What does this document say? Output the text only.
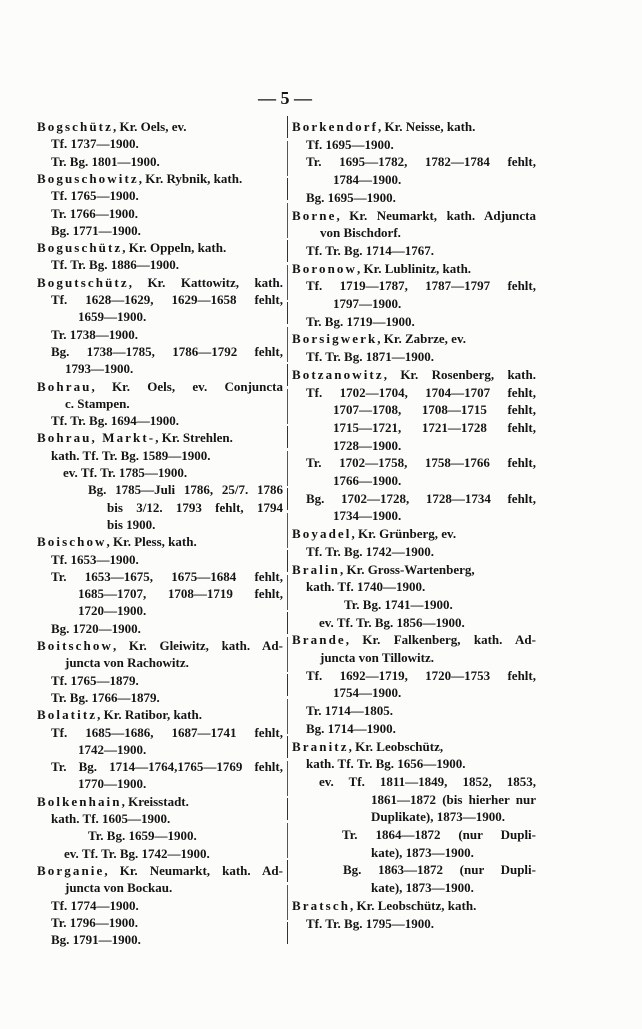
— 5 —
Bogschütz, Kr. Oels, ev.
Tf. 1737—1900.
Tr. Bg. 1801—1900.
Boguschowitz, Kr. Rybnik, kath.
Tf. 1765—1900.
Tr. 1766—1900.
Bg. 1771—1900.
Boguschütz, Kr. Oppeln, kath.
Tf. Tr. Bg. 1886—1900.
Bogutschütz, Kr. Kattowitz, kath.
Tf. 1628—1629, 1629—1658 fehlt,
1659—1900.
Tr. 1738—1900.
Bg. 1738—1785, 1786—1792 fehlt,
1793—1900.
Bohrau, Kr. Oels, ev. Conjuncta
c. Stampen.
Tf. Tr. Bg. 1694—1900.
Bohrau, Markt-, Kr. Strehlen.
kath. Tf. Tr. Bg. 1589—1900.
ev. Tf. Tr. 1785—1900.
Bg. 1785—Juli 1786, 25/7. 1786
bis 3/12. 1793 fehlt, 1794
bis 1900.
Boischow, Kr. Pless, kath.
Tf. 1653—1900.
Tr. 1653—1675, 1675—1684 fehlt,
1685—1707, 1708—1719 fehlt,
1720—1900.
Bg. 1720—1900.
Boitschow, Kr. Gleiwitz, kath. Ad-
juncta von Rachowitz.
Tf. 1765—1879.
Tr. Bg. 1766—1879.
Bolatitz, Kr. Ratibor, kath.
Tf. 1685—1686, 1687—1741 fehlt,
1742—1900.
Tr. Bg. 1714—1764,1765—1769 fehlt,
1770—1900.
Bolkenhain, Kreisstadt.
kath. Tf. 1605—1900.
Tr. Bg. 1659—1900.
ev. Tf. Tr. Bg. 1742—1900.
Borganie, Kr. Neumarkt, kath. Ad-
juncta von Bockau.
Tf. 1774—1900.
Tr. 1796—1900.
Bg. 1791—1900.
Borkendorf, Kr. Neisse, kath.
Tf. 1695—1900.
Tr. 1695—1782, 1782—1784 fehlt,
1784—1900.
Bg. 1695—1900.
Borne, Kr. Neumarkt, kath. Adjuncta
von Bischdorf.
Tf. Tr. Bg. 1714—1767.
Boronow, Kr. Lublinitz, kath.
Tf. 1719—1787, 1787—1797 fehlt,
1797—1900.
Tr. Bg. 1719—1900.
Borsigwerk, Kr. Zabrze, ev.
Tf. Tr. Bg. 1871—1900.
Botzanowitz, Kr. Rosenberg, kath.
Tf. 1702—1704, 1704—1707 fehlt,
1707—1708, 1708—1715 fehlt,
1715—1721, 1721—1728 fehlt,
1728—1900.
Tr. 1702—1758, 1758—1766 fehlt,
1766—1900.
Bg. 1702—1728, 1728—1734 fehlt,
1734—1900.
Boyadel, Kr. Grünberg, ev.
Tf. Tr. Bg. 1742—1900.
Bralin, Kr. Gross-Wartenberg,
kath. Tf. 1740—1900.
Tr. Bg. 1741—1900.
ev. Tf. Tr. Bg. 1856—1900.
Brande, Kr. Falkenberg, kath. Ad-
juncta von Tillowitz.
Tf. 1692—1719, 1720—1753 fehlt,
1754—1900.
Tr. 1714—1805.
Bg. 1714—1900.
Branitz, Kr. Leobschütz,
kath. Tf. Tr. Bg. 1656—1900.
ev. Tf. 1811—1849, 1852, 1853,
1861—1872 (bis hierher nur
Duplikate), 1873—1900.
Tr. 1864—1872 (nur Dupli-
kate), 1873—1900.
Bg. 1863—1872 (nur Dupli-
kate), 1873—1900.
Bratsch, Kr. Leobschütz, kath.
Tf. Tr. Bg. 1795—1900.
